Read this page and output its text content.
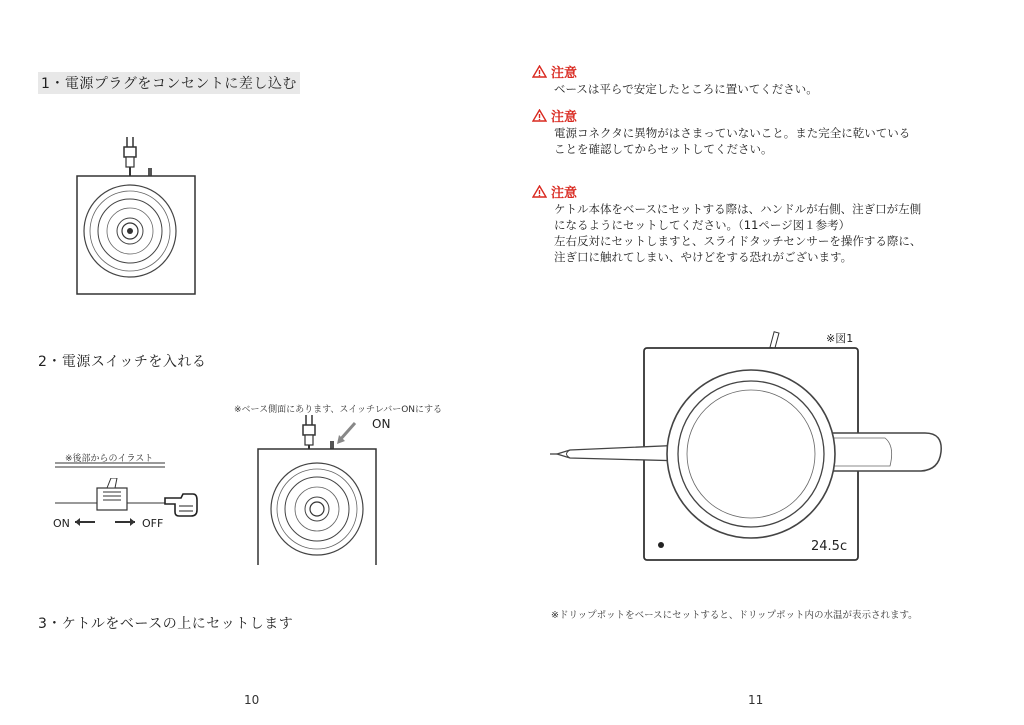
1・電源プラグをコンセントに差し込む
2・電源スイッチを入れる
※後部からのイラスト
ON	OFF
※ベース側面にあります、スイッチレバーONにする
ON
3・ケトルをベースの上にセットします
10
注意
ベースは平らで安定したところに置いてください。
注意
電源コネクタに異物がはさまっていないこと。また完全に乾いている
ことを確認してからセットしてください。
注意
ケトル本体をベースにセットする際は、ハンドルが右側、注ぎ口が左側
になるようにセットしてください。（11ページ図１参考）
左右反対にセットしますと、スライドタッチセンサーを操作する際に、
注ぎ口に触れてしまい、やけどをする恐れがございます。
※図1
24.5c
※ドリップポットをベースにセットすると、ドリップポット内の水温が表示されます。
11
